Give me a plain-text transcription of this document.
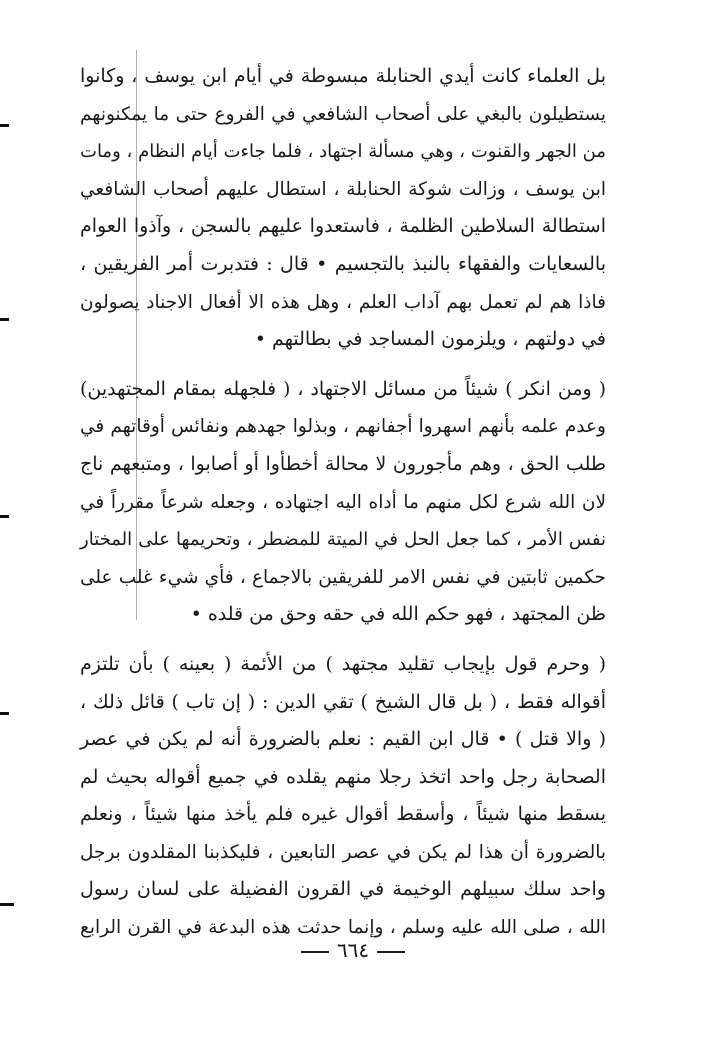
بل العلماء كانت أيدي الحنابلة مبسوطة في أيام ابن يوسف ، وكانوا
يستطيلون بالبغي على أصحاب الشافعي في الفروع حتى ما يمكنونهم
من الجهر والقنوت ، وهي مسألة اجتهاد ، فلما جاءت أيام النظام ، ومات
ابن يوسف ، وزالت شوكة الحنابلة ، استطال عليهم أصحاب الشافعي
استطالة السلاطين الظلمة ، فاستعدوا عليهم بالسجن ، وآذوا العوام
بالسعايات والفقهاء بالنبذ بالتجسيم • قال : فتدبرت أمر الفريقين ،
فاذا هم لم تعمل بهم آداب العلم ، وهل هذه الا أفعال الاجناد يصولون
في دولتهم ، ويلزمون المساجد في بطالتهم •
( ومن انكر ) شيئاً من مسائل الاجتهاد ، ( فلجهله بمقام المجتهدين)
وعدم علمه بأنهم اسهروا أجفانهم ، وبذلوا جهدهم ونفائس أوقاتهم في
طلب الحق ، وهم مأجورون لا محالة أخطأوا أو أصابوا ، ومتبعهم ناج
لان الله شرع لكل منهم ما أداه اليه اجتهاده ، وجعله شرعاً مقرراً في
نفس الأمر ، كما جعل الحل في الميتة للمضطر ، وتحريمها على المختار
حكمين ثابتين في نفس الامر للفريقين بالاجماع ، فأي شيء غلب على
ظن المجتهد ، فهو حكم الله في حقه وحق من قلده •
( وحرم قول بإيجاب تقليد مجتهد ) من الأئمة ( بعينه ) بأن تلتزم
أقواله فقط ، ( بل قال الشيخ ) تقي الدين : ( إن تاب ) قائل ذلك ،
( والا قتل ) • قال ابن القيم : نعلم بالضرورة أنه لم يكن في عصر
الصحابة رجل واحد اتخذ رجلا منهم يقلده في جميع أقواله بحيث لم
يسقط منها شيئاً ، وأسقط أقوال غيره فلم يأخذ منها شيئاً ، ونعلم
بالضرورة أن هذا لم يكن في عصر التابعين ، فليكذبنا المقلدون برجل
واحد سلك سبيلهم الوخيمة في القرون الفضيلة على لسان رسول
الله ، صلى الله عليه وسلم ، وإنما حدثت هذه البدعة في القرن الرابع
٦٦٤
